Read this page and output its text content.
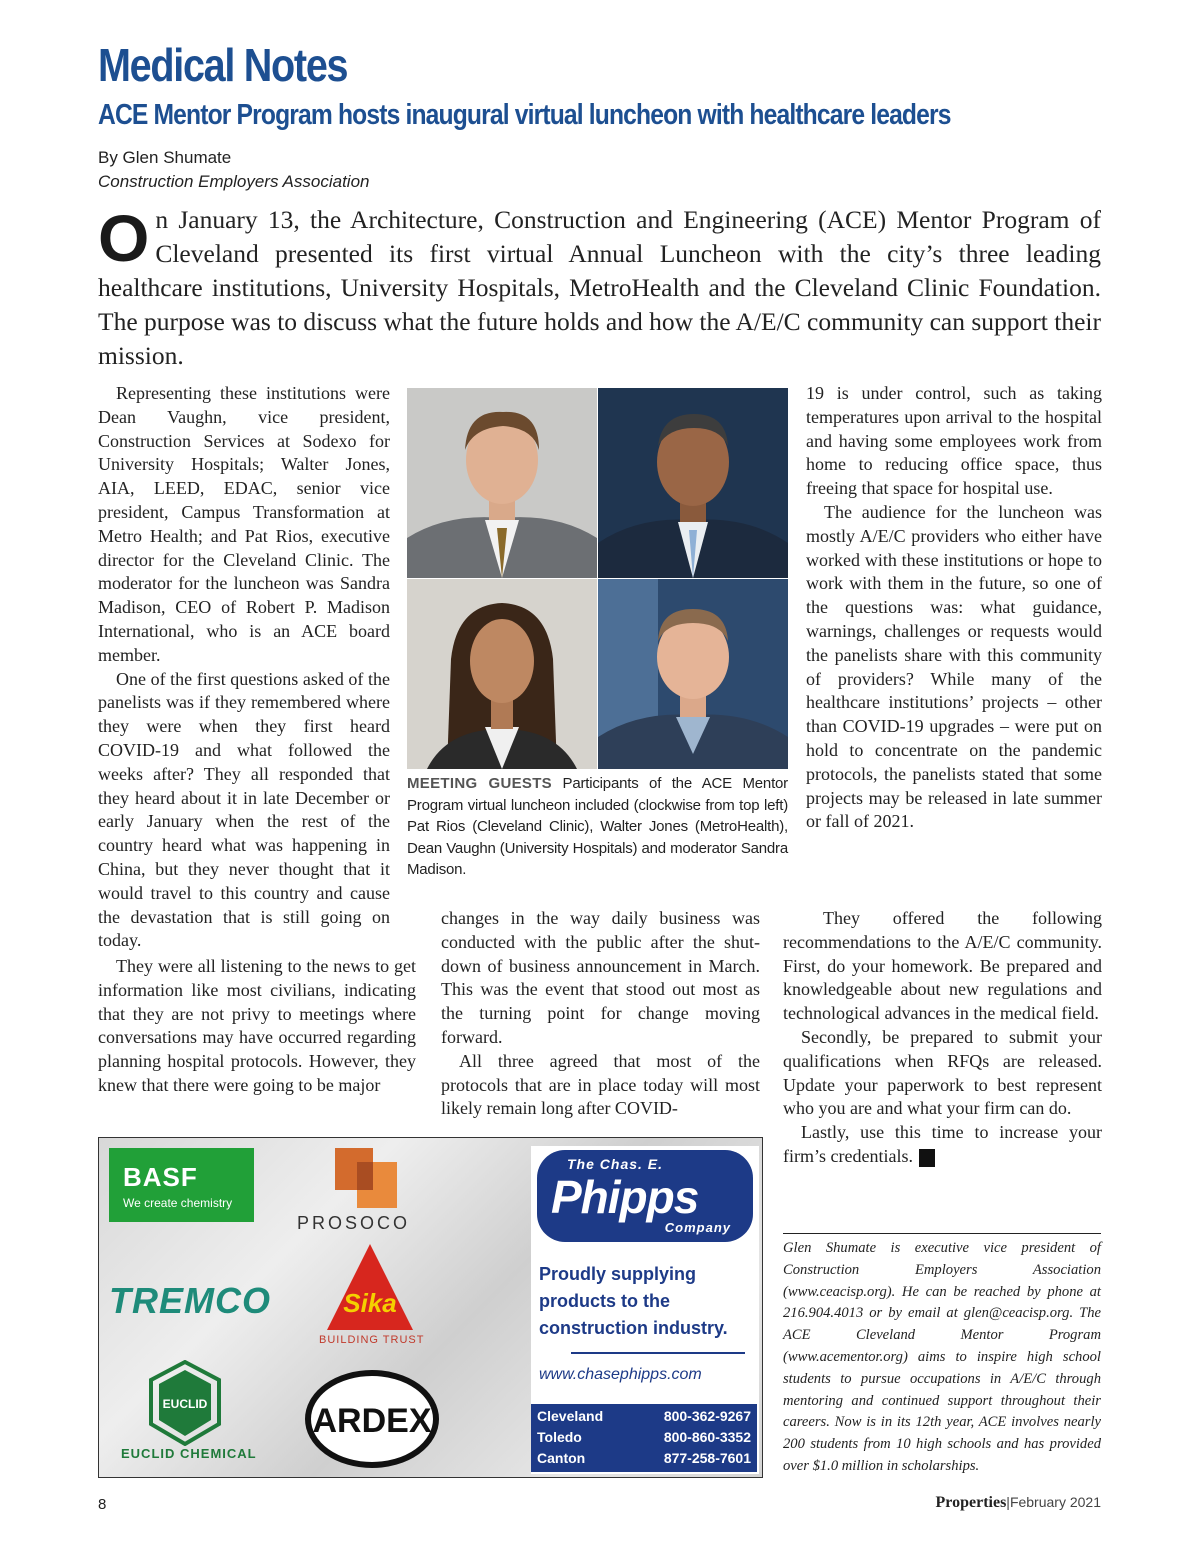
Medical Notes
ACE Mentor Program hosts inaugural virtual luncheon with healthcare leaders
By Glen Shumate
Construction Employers Association

On January 13, the Architecture, Construction and Engineering (ACE) Mentor Program of Cleveland presented its first virtual Annual Luncheon with the city’s three leading healthcare institutions, University Hospitals, MetroHealth and the Cleveland Clinic Foundation. The purpose was to discuss what the future holds and how the A/E/C community can support their mission.

Representing these institutions were Dean Vaughn, vice president, Construction Services at Sodexo for University Hospitals; Walter Jones, AIA, LEED, EDAC, senior vice president, Campus Transformation at Metro Health; and Pat Rios, executive director for the Cleveland Clinic. The moderator for the luncheon was Sandra Madison, CEO of Robert P. Madison International, who is an ACE board member.

One of the first questions asked of the panelists was if they remembered where they were when they first heard COVID-19 and what followed the weeks after? They all responded that they heard about it in late December or early January when the rest of the country heard what was happening in China, but they never thought that it would travel to this country and cause the devastation that is still going on today.

They were all listening to the news to get information like most civilians, indicating that they are not privy to meetings where conversations may have occurred regarding planning hospital protocols. However, they knew that there were going to be major

MEETING GUESTS Participants of the ACE Mentor Program virtual luncheon included (clockwise from top left) Pat Rios (Cleveland Clinic), Walter Jones (MetroHealth), Dean Vaughn (University Hospitals) and moderator Sandra Madison.

changes in the way daily business was conducted with the public after the shut-down of business announcement in March. This was the event that stood out most as the turning point for change moving forward.

All three agreed that most of the protocols that are in place today will most likely remain long after COVID-

19 is under control, such as taking temperatures upon arrival to the hospital and having some employees work from home to reducing office space, thus freeing that space for hospital use.

The audience for the luncheon was mostly A/E/C providers who either have worked with these institutions or hope to work with them in the future, so one of the questions was: what guidance, warnings, challenges or requests would the panelists share with this community of providers? While many of the healthcare institutions’ projects – other than COVID-19 upgrades – were put on hold to concentrate on the pandemic protocols, the panelists stated that some projects may be released in late summer or fall of 2021.

They offered the following recommendations to the A/E/C community. First, do your homework. Be prepared and knowledgeable about new regulations and technological advances in the medical field.

Secondly, be prepared to submit your qualifications when RFQs are released. Update your paperwork to best represent who you are and what your firm can do.

Lastly, use this time to increase your firm’s credentials. P

BASF
We create chemistry
PROSOCO
TREMCO	Sika
BUILDING TRUST
EUCLID
EUCLID CHEMICAL
ARDEX
The Chas. E.
Phipps
Company
Proudly supplying products to the construction industry.
www.chasephipps.com
Cleveland	800-362-9267
Toledo	800-860-3352
Canton	877-258-7601

Glen Shumate is executive vice president of Construction Employers Association (www.ceacisp.org). He can be reached by phone at 216.904.4013 or by email at glen@ceacisp.org. The ACE Cleveland Mentor Program (www.acementor.org) aims to inspire high school students to pursue occupations in A/E/C through mentoring and continued support throughout their careers. Now is in its 12th year, ACE involves nearly 200 students from 10 high schools and has provided over $1.0 million in scholarships.

8	Properties|February 2021
